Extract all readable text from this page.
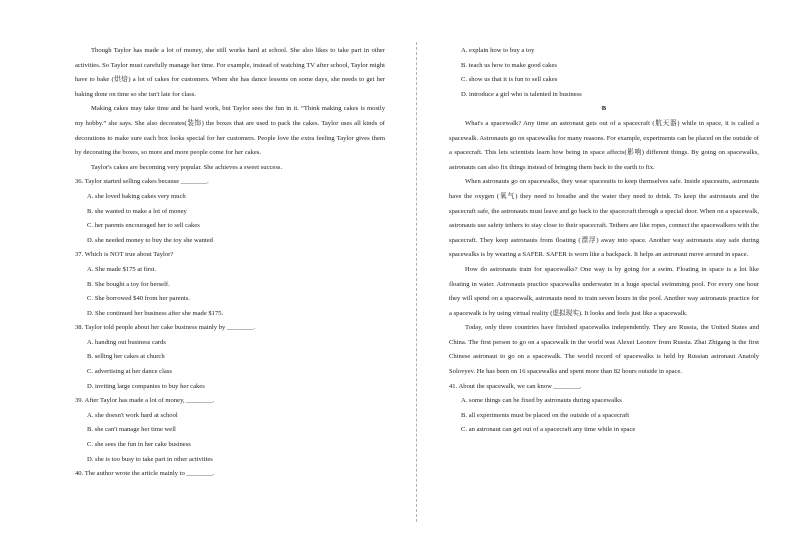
Though Taylor has made a lot of money, she still works hard at school. She also likes to take part in other activities. So Taylor must carefully manage her time. For example, instead of watching TV after school, Taylor might have to bake (烘焙) a lot of cakes for customers. When she has dance lessons on some days, she needs to get her baking done on time so she isn't late for class.

Making cakes may take time and be hard work, but Taylor sees the fun in it. “Think making cakes is mostly my hobby.” she says. She also decorates(装饰) the boxes that are used to pack the cakes. Taylor uses all kinds of decorations to make sure each box looks special for her customers. People love the extra feeling Taylor gives them by decorating the boxes, so more and more people come for her cakes.

Taylor's cakes are becoming very popular. She achieves a sweet success.

36. Taylor started selling cakes because ________.
A. she loved baking cakes very much
B. she wanted to make a lot of money
C. her parents encouraged her to sell cakes
D. she needed money to buy the toy she wanted
37. Which is NOT true about Taylor?
A. She made $175 at first.
B. She bought a toy for herself.
C. She borrowed $40 from her parents.
D. She continued her business after she made $175.
38. Taylor told people about her cake business mainly by ________.
A. handing out business cards
B. selling her cakes at church
C. advertising at her dance class
D. inviting large companies to buy her cakes
39. After Taylor has made a lot of money, ________.
A. she doesn't work hard at school
B. she can't manage her time well
C. she sees the fun in her cake business
D. she is too busy to take part in other activities
40. The author wrote the article mainly to ________.
A. explain how to buy a toy
B. teach us how to make good cakes
C. show us that it is fun to sell cakes
D. introduce a girl who is talented in business
B

What's a spacewalk? Any time an astronaut gets out of a spacecraft (航天器) while in space, it is called a spacewalk. Astronauts go on spacewalks for many reasons. For example, experiments can be placed on the outside of a spacecraft. This lets scientists learn how being in space affects(影响) different things. By going on spacewalks, astronauts can also fix things instead of bringing them back to the earth to fix.

When astronauts go on spacewalks, they wear spacesuits to keep themselves safe. Inside spacesuits, astronauts have the oxygen (氧气) they need to breathe and the water they need to drink. To keep the astronauts and the spacecraft safe, the astronauts must leave and go back to the spacecraft through a special door. When on a spacewalk, astronauts use safety tethers to stay close to their spacecraft. Tethers are like ropes, connect the spacewalkers with the spacecraft. They keep astronauts from floating (漂浮) away into space. Another way astronauts stay safe during spacewalks is by wearing a SAFER. SAFER is worn like a backpack. It helps an astronaut move around in space.

How do astronauts train for spacewalks? One way is by going for a swim. Floating in space is a lot like floating in water. Astronauts practice spacewalks underwater in a huge special swimming pool. For every one hour they will spend on a spacewalk, astronauts need to train seven hours in the pool. Another way astronauts practice for a spacewalk is by using virtual reality (虚拟现实). It looks and feels just like a spacewalk.

Today, only three countries have finished spacewalks independently. They are Russia, the United States and China. The first person to go on a spacewalk in the world was Alexei Leonov from Russia. Zhai Zhigang is the first Chinese astronaut to go on a spacewalk. The world record of spacewalks is held by Russian astronaut Anatoly Solovyev. He has been on 16 spacewalks and spent more than 82 hours outside in space.

41. About the spacewalk, we can know ________.
A. some things can be fixed by astronauts during spacewalks
B. all experiments must be placed on the outside of a spacecraft
C. an astronaut can get out of a spacecraft any time while in space
